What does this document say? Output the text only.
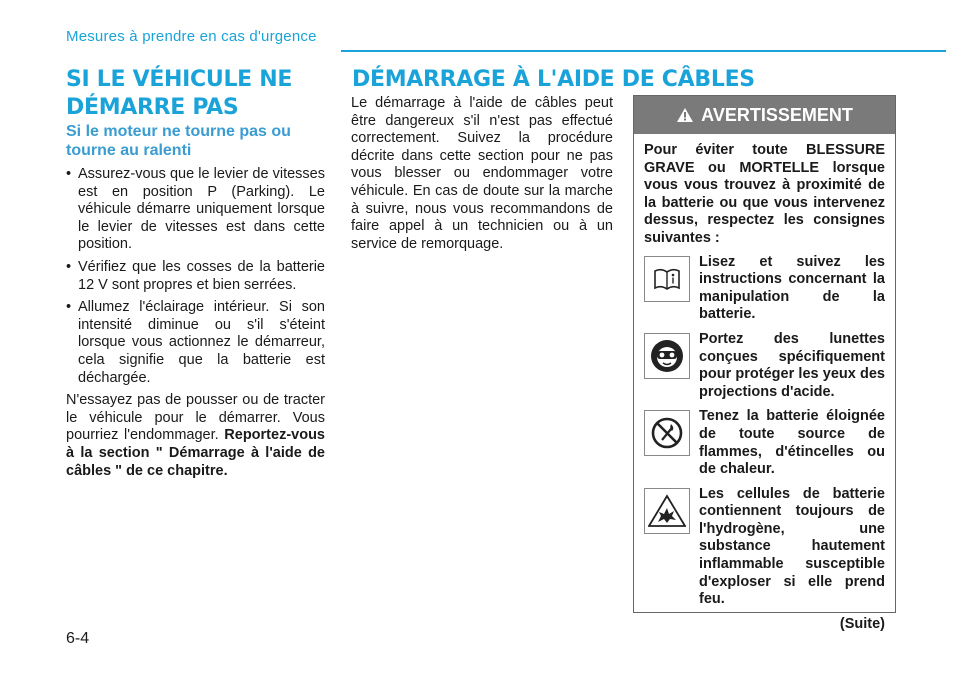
Mesures à prendre en cas d'urgence
SI LE VÉHICULE NE
DÉMARRE PAS
Si le moteur ne tourne pas ou tourne au ralenti
• Assurez-vous que le levier de vitesses est en position P (Parking). Le véhicule démarre uniquement lorsque le levier de vitesses est dans cette position.
• Vérifiez que les cosses de la batterie 12 V sont propres et bien serrées.
• Allumez l'éclairage intérieur. Si son intensité diminue ou s'il s'éteint lorsque vous actionnez le démarreur, cela signifie que la batterie est déchargée.

N'essayez pas de pousser ou de tracter le véhicule pour le démarrer. Vous pourriez l'endommager. Reportez-vous à la section " Démarrage à l'aide de câbles " de ce chapitre.

DÉMARRAGE À L'AIDE DE CÂBLES
Le démarrage à l'aide de câbles peut être dangereux s'il n'est pas effectué correctement. Suivez la procédure décrite dans cette section pour ne pas vous blesser ou endommager votre véhicule. En cas de doute sur la marche à suivre, nous vous recommandons de faire appel à un technicien ou à un service de remorquage.
AVERTISSEMENT
Pour éviter toute BLESSURE GRAVE ou MORTELLE lorsque vous vous trouvez à proximité de la batterie ou que vous intervenez dessus, respectez les consignes suivantes :
Lisez et suivez les instructions concernant la manipulation de la batterie.
Portez des lunettes conçues spécifiquement pour protéger les yeux des projections d'acide.
Tenez la batterie éloignée de toute source de flammes, d'étincelles ou de chaleur.
Les cellules de batterie contiennent toujours de l'hydrogène, une substance hautement inflammable susceptible d'exploser si elle prend feu.
(Suite)
6-4
